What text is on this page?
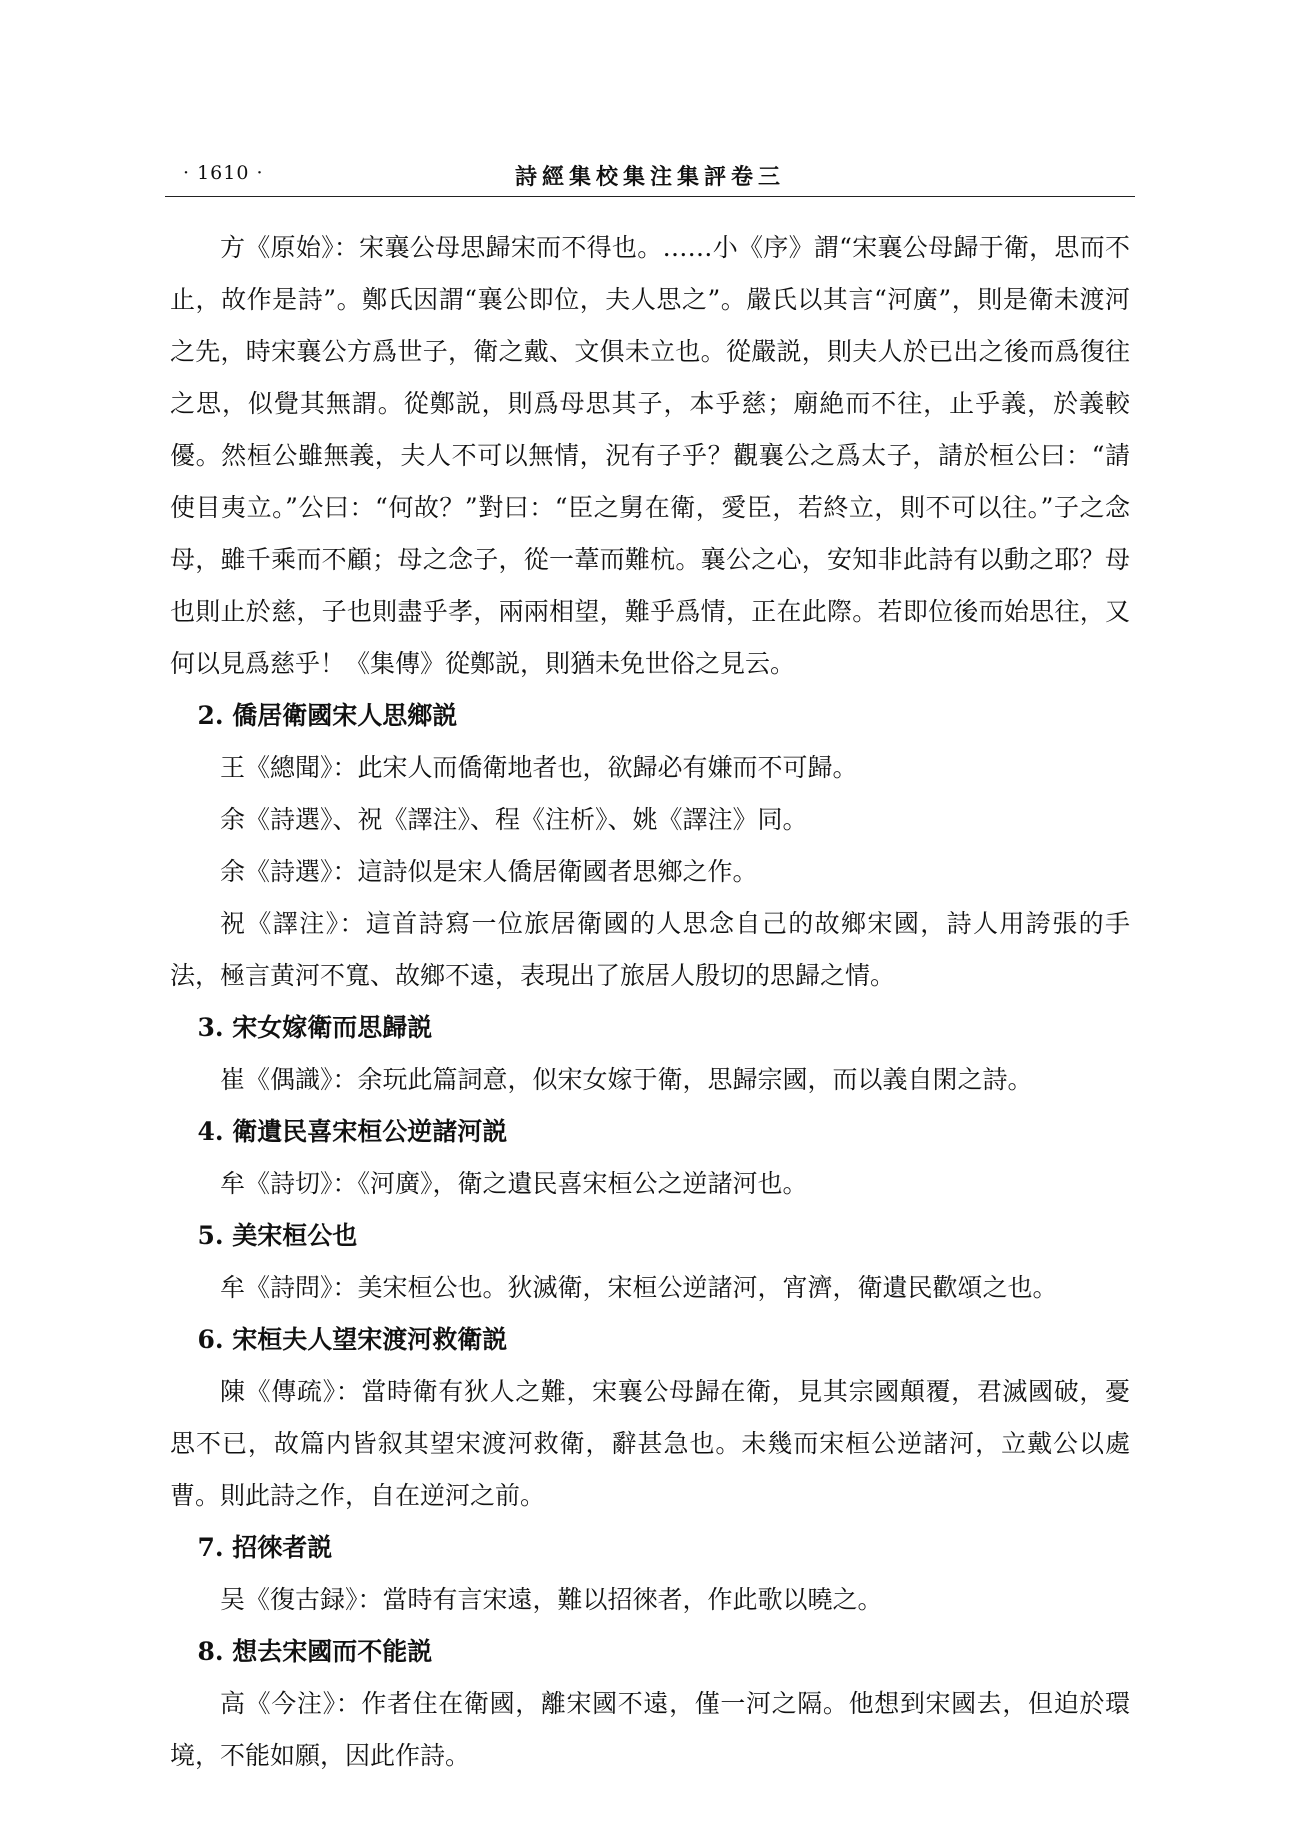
· 1610 ·	詩經集校集注集評卷三

方《原始》：宋襄公母思歸宋而不得也。……小《序》謂“宋襄公母歸于衛，思而不止，故作是詩”。鄭氏因謂“襄公即位，夫人思之”。嚴氏以其言“河廣”，則是衛未渡河之先，時宋襄公方爲世子，衛之戴、文俱未立也。從嚴説，則夫人於已出之後而爲復往之思，似覺其無謂。從鄭説，則爲母思其子，本乎慈；廟絶而不往，止乎義，於義較優。然桓公雖無義，夫人不可以無情，況有子乎？觀襄公之爲太子，請於桓公曰：“請使目夷立。”公曰：“何故？”對曰：“臣之舅在衛，愛臣，若終立，則不可以往。”子之念母，雖千乘而不顧；母之念子，從一葦而難杭。襄公之心，安知非此詩有以動之耶？母也則止於慈，子也則盡乎孝，兩兩相望，難乎爲情，正在此際。若即位後而始思往，又何以見爲慈乎！《集傳》從鄭説，則猶未免世俗之見云。

2. 僑居衛國宋人思鄉説

王《總聞》：此宋人而僑衛地者也，欲歸必有嫌而不可歸。

余《詩選》、祝《譯注》、程《注析》、姚《譯注》同。

余《詩選》：這詩似是宋人僑居衛國者思鄉之作。

祝《譯注》：這首詩寫一位旅居衛國的人思念自己的故鄉宋國，詩人用誇張的手法，極言黄河不寬、故鄉不遠，表現出了旅居人殷切的思歸之情。

3. 宋女嫁衛而思歸説

崔《偶識》：余玩此篇詞意，似宋女嫁于衛，思歸宗國，而以義自閑之詩。

4. 衛遺民喜宋桓公逆諸河説

牟《詩切》：《河廣》，衛之遺民喜宋桓公之逆諸河也。

5. 美宋桓公也

牟《詩問》：美宋桓公也。狄滅衛，宋桓公逆諸河，宵濟，衛遺民歡頌之也。

6. 宋桓夫人望宋渡河救衛説

陳《傳疏》：當時衛有狄人之難，宋襄公母歸在衛，見其宗國顛覆，君滅國破，憂思不已，故篇内皆叙其望宋渡河救衛，辭甚急也。未幾而宋桓公逆諸河，立戴公以處曹。則此詩之作，自在逆河之前。

7. 招徠者説

吴《復古録》：當時有言宋遠，難以招徠者，作此歌以曉之。

8. 想去宋國而不能説

高《今注》：作者住在衛國，離宋國不遠，僅一河之隔。他想到宋國去，但迫於環境，不能如願，因此作詩。
